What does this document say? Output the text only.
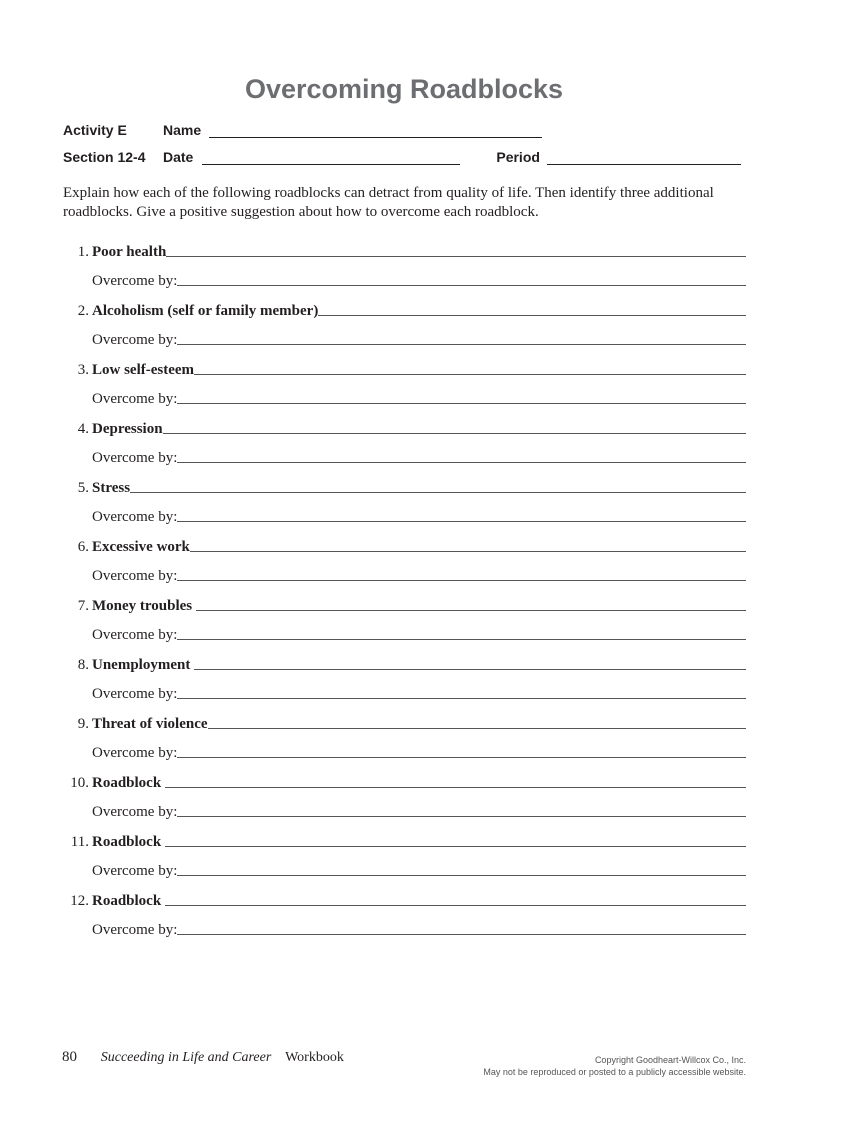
Overcoming Roadblocks
Activity E	Name
Section 12-4	Date	Period
Explain how each of the following roadblocks can detract from quality of life. Then identify three additional roadblocks. Give a positive suggestion about how to overcome each roadblock.
1. Poor health
Overcome by:
2. Alcoholism (self or family member)
Overcome by:
3. Low self-esteem
Overcome by:
4. Depression
Overcome by:
5. Stress
Overcome by:
6. Excessive work
Overcome by:
7. Money troubles
Overcome by:
8. Unemployment
Overcome by:
9. Threat of violence
Overcome by:
10. Roadblock
Overcome by:
11. Roadblock
Overcome by:
12. Roadblock
Overcome by:
80 Succeeding in Life and Career Workbook	Copyright Goodheart-Willcox Co., Inc.
May not be reproduced or posted to a publicly accessible website.
